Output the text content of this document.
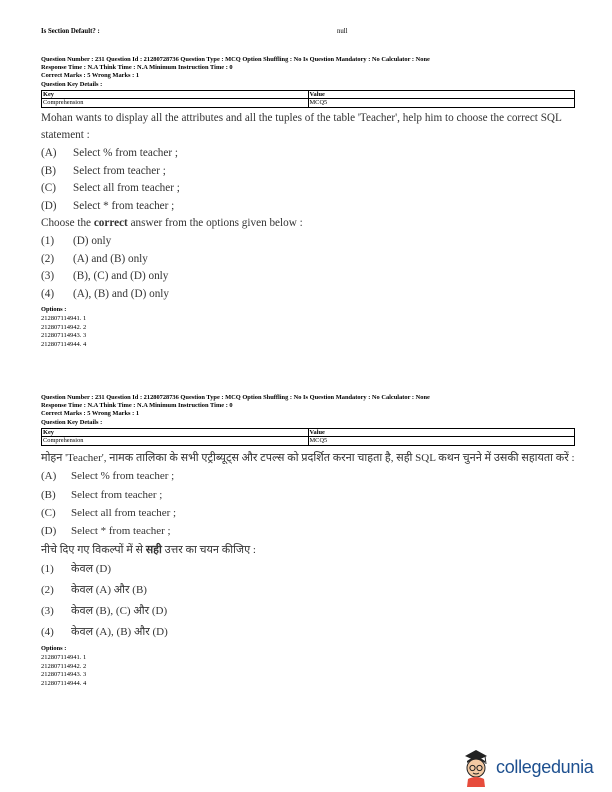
Is Section Default? :	null
Question Number : 231 Question Id : 21280728736 Question Type : MCQ Option Shuffling : No Is Question Mandatory : No Calculator : None
Response Time : N.A Think Time : N.A Minimum Instruction Time : 0
Correct Marks : 5 Wrong Marks : 1
Question Key Details :
Key	Value
Comprehension	MCQ5

Mohan wants to display all the attributes and all the tuples of the table 'Teacher', help him to choose the correct SQL statement :

(A)	Select % from teacher ;
(B)	Select from teacher ;
(C)	Select all from teacher ;
(D)	Select * from teacher ;

Choose the correct answer from the options given below :

(1)	(D) only
(2)	(A) and (B) only
(3)	(B), (C) and (D) only
(4)	(A), (B) and (D) only
Options :
212807114941. 1
212807114942. 2
212807114943. 3
212807114944. 4
Question Number : 231 Question Id : 21280728736 Question Type : MCQ Option Shuffling : No Is Question Mandatory : No Calculator : None
Response Time : N.A Think Time : N.A Minimum Instruction Time : 0
Correct Marks : 5 Wrong Marks : 1
Question Key Details :
Key	Value
Comprehension	MCQ5

मोहन 'Teacher', नामक तालिका के सभी एट्रीब्यूट्स और टपल्स को प्रदर्शित करना चाहता है, सही SQL कथन चुनने में उसकी सहायता करें :

(A)	Select % from teacher ;
(B)	Select from teacher ;
(C)	Select all from teacher ;
(D)	Select * from teacher ;

नीचे दिए गए विकल्पों में से सही उत्तर का चयन कीजिए :

(1)	केवल (D)
(2)	केवल (A) और (B)
(3)	केवल (B), (C) और (D)
(4)	केवल (A), (B) और (D)
Options :
212807114941. 1
212807114942. 2
212807114943. 3
212807114944. 4
collegedunia
